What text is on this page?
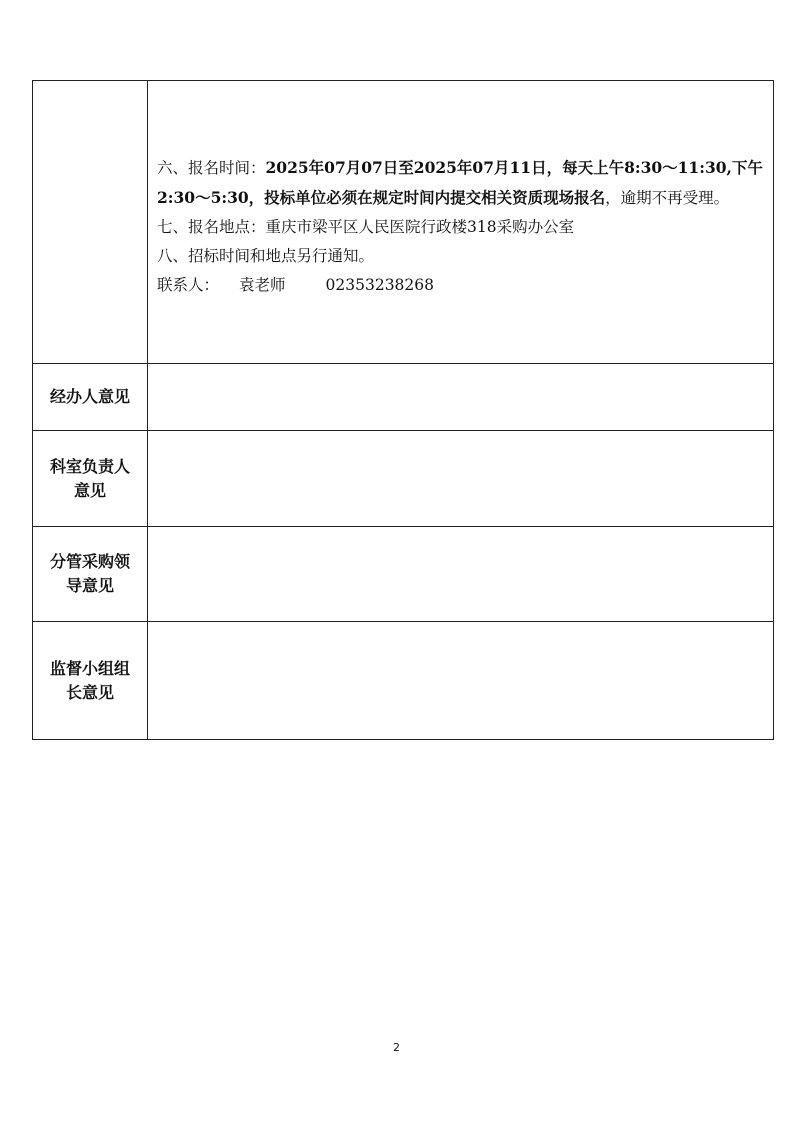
	六、报名时间：2025年07月07日至2025年07月11日，每天上午8:30～11:30,下午2:30～5:30，投标单位必须在规定时间内提交相关资质现场报名，逾期不再受理。

七、报名地点：重庆市梁平区人民医院行政楼318采购办公室

八、招标时间和地点另行通知。

联系人： 袁老师 02353238268

经办人意见	

科室负责人
意见	

分管采购领
导意见	

监督小组组
长意见	

2
